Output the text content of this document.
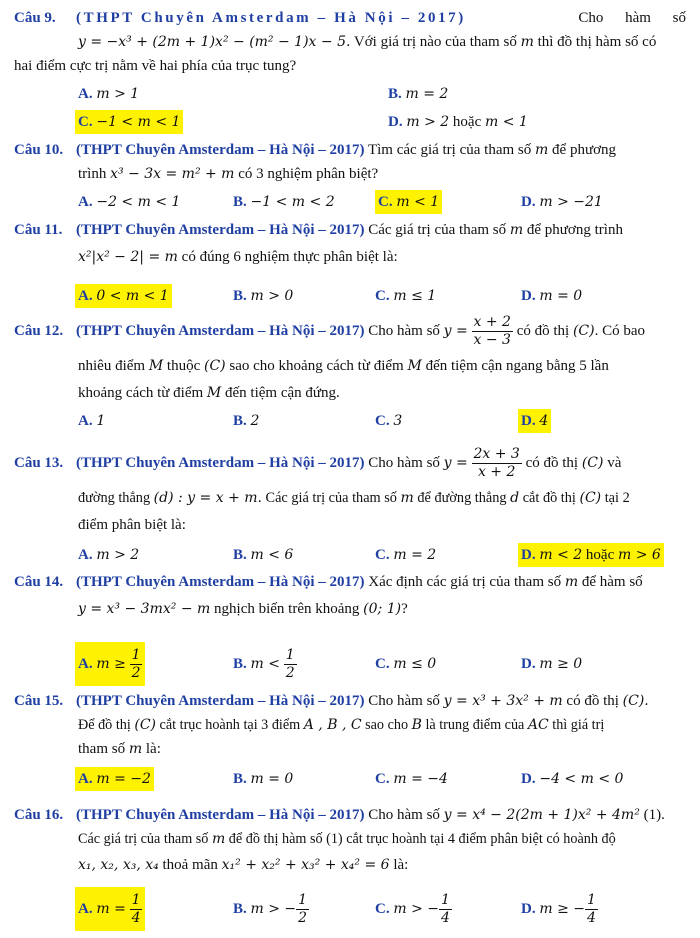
Câu 9. (THPT Chuyên Amsterdam – Hà Nội – 2017)	Cho hàm số
y = −x³ + (2m + 1)x² − (m² − 1)x − 5. Với giá trị nào của tham số m thì đồ thị hàm số có
hai điểm cực trị nằm về hai phía của trục tung?
A. m > 1	B. m = 2
C. −1 < m < 1	D. m > 2 hoặc m < 1
Câu 10. (THPT Chuyên Amsterdam – Hà Nội – 2017) Tìm các giá trị của tham số m để phương
trình x³ − 3x = m² + m có 3 nghiệm phân biệt?
A. −2 < m < 1	B. −1 < m < 2	C. m < 1	D. m > −21
Câu 11. (THPT Chuyên Amsterdam – Hà Nội – 2017) Các giá trị của tham số m để phương trình
x²|x² − 2| = m có đúng 6 nghiệm thực phân biệt là:
A. 0 < m < 1	B. m > 0	C. m ≤ 1	D. m = 0
Câu 12. (THPT Chuyên Amsterdam – Hà Nội – 2017) Cho hàm số $y = \frac{x + 2}{x - 3}$ có đồ thị (C). Có bao
nhiêu điểm M thuộc (C) sao cho khoảng cách từ điểm M đến tiệm cận ngang bằng 5 lần
khoảng cách từ điểm M đến tiệm cận đứng.
A. 1	B. 2	C. 3	D. 4
Câu 13. (THPT Chuyên Amsterdam – Hà Nội – 2017) Cho hàm số $y = \frac{2x + 3}{x + 2}$ có đồ thị (C) và
đường thẳng (d) : y = x + m. Các giá trị của tham số m để đường thẳng d cắt đồ thị (C) tại 2
điểm phân biệt là:
A. m > 2	B. m < 6	C. m = 2	D. m < 2 hoặc m > 6
Câu 14. (THPT Chuyên Amsterdam – Hà Nội – 2017) Xác định các giá trị của tham số m để hàm số
y = x³ − 3mx² − m nghịch biến trên khoảng (0; 1)?
A. $m \ge \frac{1}{2}$	B. $m < \frac{1}{2}$	C. m ≤ 0	D. m ≥ 0
Câu 15. (THPT Chuyên Amsterdam – Hà Nội – 2017) Cho hàm số y = x³ + 3x² + m có đồ thị (C).
Để đồ thị (C) cắt trục hoành tại 3 điểm A , B , C sao cho B là trung điểm của AC thì giá trị
tham số m là:
A. m = −2	B. m = 0	C. m = −4	D. −4 < m < 0
Câu 16. (THPT Chuyên Amsterdam – Hà Nội – 2017) Cho hàm số y = x⁴ − 2(2m + 1)x² + 4m² (1).
Các giá trị của tham số m để đồ thị hàm số (1) cắt trục hoành tại 4 điểm phân biệt có hoành độ
x₁, x₂, x₃, x₄ thoả mãn x₁² + x₂² + x₃² + x₄² = 6 là:
A. $m = \frac{1}{4}$	B. m > − $\frac{1}{2}$	C. m > − $\frac{1}{4}$	D. m ≥ − $\frac{1}{4}$
